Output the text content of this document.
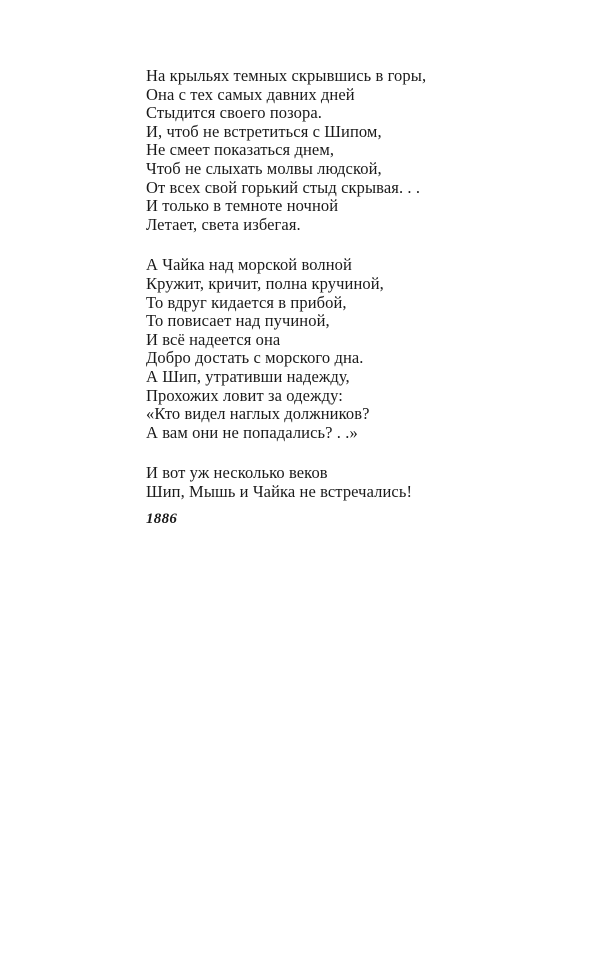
На крыльях темных скрывшись в горы,
Она с тех самых давних дней
Стыдится своего позора.
И, чтоб не встретиться с Шипом,
Не смеет показаться днем,
Чтоб не слыхать молвы людской,
От всех свой горький стыд скрывая. . .
И только в темноте ночной
Летает, света избегая.
А Чайка над морской волной
Кружит, кричит, полна кручиной,
То вдруг кидается в прибой,
То повисает над пучиной,
И всё надеется она
Добро достать с морского дна.
А Шип, утративши надежду,
Прохожих ловит за одежду:
«Кто видел наглых должников?
А вам они не попадались? . .»
И вот уж несколько веков
Шип, Мышь и Чайка не встречались!
1886
